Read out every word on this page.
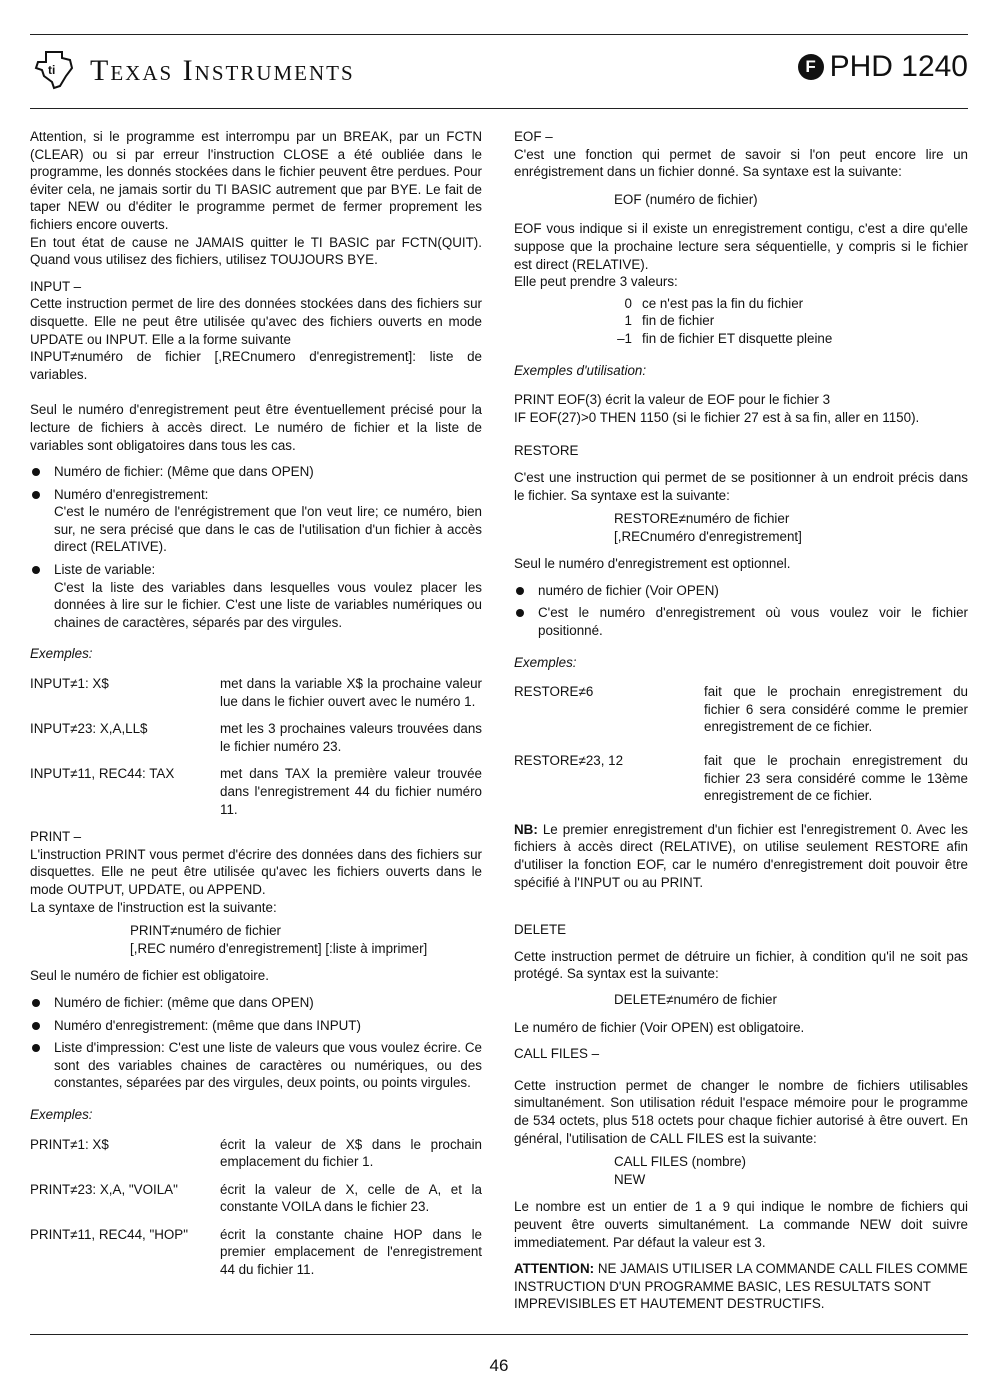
ti Texas Instruments	F PHD 1240

Attention, si le programme est interrompu par un BREAK, par un FCTN (CLEAR) ou si par erreur l'instruction CLOSE a été oubliée dans le programme, les donnés stockées dans le fichier peuvent être perdues. Pour éviter cela, ne jamais sortir du TI BASIC autrement que par BYE. Le fait de taper NEW ou d'éditer le programme permet de fermer proprement les fichiers encore ouverts.

En tout état de cause ne JAMAIS quitter le TI BASIC par FCTN(QUIT). Quand vous utilisez des fichiers, utilisez TOUJOURS BYE.

INPUT –

Cette instruction permet de lire des données stockées dans des fichiers sur disquette. Elle ne peut être utilisée qu'avec des fichiers ouverts en mode UPDATE ou INPUT. Elle a la forme suivante

INPUT≠numéro de fichier [,RECnumero d'enregistrement]: liste de variables.

Seul le numéro d'enregistrement peut être éventuellement précisé pour la lecture de fichiers à accès direct. Le numéro de fichier et la liste de variables sont obligatoires dans tous les cas.

Numéro de fichier: (Même que dans OPEN)
Numéro d'enregistrement:
C'est le numéro de l'enrégistrement que l'on veut lire; ce numéro, bien sur, ne sera précisé que dans le cas de l'utilisation d'un fichier à accès direct (RELATIVE).
Liste de variable:
C'est la liste des variables dans lesquelles vous voulez placer les données à lire sur le fichier. C'est une liste de variables numériques ou chaines de caractères, séparés par des virgules.
Exemples:
INPUT≠1: X$	met dans la variable X$ la prochaine valeur lue dans le fichier ouvert avec le numéro 1.
INPUT≠23: X,A,LL$	met les 3 prochaines valeurs trouvées dans le fichier numéro 23.
INPUT≠11, REC44: TAX	met dans TAX la première valeur trouvée dans l'enregistrement 44 du fichier numéro 11.

PRINT –

L'instruction PRINT vous permet d'écrire des données dans des fichiers sur disquettes. Elle ne peut être utilisée qu'avec les fichiers ouverts dans le mode OUTPUT, UPDATE, ou APPEND.

La syntaxe de l'instruction est la suivante:

PRINT≠numéro de fichier
[,REC numéro d'enregistrement] [:liste à imprimer]

Seul le numéro de fichier est obligatoire.

Numéro de fichier: (même que dans OPEN)
Numéro d'enregistrement: (même que dans INPUT)
Liste d'impression: C'est une liste de valeurs que vous voulez écrire. Ce sont des variables chaines de caractères ou numériques, ou des constantes, séparées par des virgules, deux points, ou points virgules.
Exemples:
PRINT≠1: X$	écrit la valeur de X$ dans le prochain emplacement du fichier 1.
PRINT≠23: X,A, "VOILA"	écrit la valeur de X, celle de A, et la constante VOILA dans le fichier 23.
PRINT≠11, REC44, "HOP"	écrit la constante chaine HOP dans le premier emplacement de l'enregistrement 44 du fichier 11.

EOF –

C'est une fonction qui permet de savoir si l'on peut encore lire un enrégistrement dans un fichier donné. Sa syntaxe est la suivante:

EOF (numéro de fichier)

EOF vous indique si il existe un enregistrement contigu, c'est a dire qu'elle suppose que la prochaine lecture sera séquentielle, y compris si le fichier est direct (RELATIVE).

Elle peut prendre 3 valeurs:

0 ce n'est pas la fin du fichier
1 fin de fichier
–1 fin de fichier ET disquette pleine
Exemples d'utilisation:

PRINT EOF(3) écrit la valeur de EOF pour le fichier 3

IF EOF(27)>0 THEN 1150 (si le fichier 27 est à sa fin, aller en 1150).

RESTORE

C'est une instruction qui permet de se positionner à un endroit précis dans le fichier. Sa syntaxe est la suivante:

RESTORE≠numéro de fichier
[,RECnuméro d'enregistrement]

Seul le numéro d'enregistrement est optionnel.

numéro de fichier (Voir OPEN)
C'est le numéro d'enregistrement où vous voulez voir le fichier positionné.
Exemples:
RESTORE≠6	fait que le prochain enregistrement du fichier 6 sera considéré comme le premier enregistrement de ce fichier.
RESTORE≠23, 12	fait que le prochain enregistrement du fichier 23 sera considéré comme le 13ème enregistrement de ce fichier.

NB: Le premier enregistrement d'un fichier est l'enregistrement 0. Avec les fichiers à accès direct (RELATIVE), on utilise seulement RESTORE afin d'utiliser la fonction EOF, car le numéro d'enregistrement doit pouvoir être spécifié à l'INPUT ou au PRINT.

DELETE

Cette instruction permet de détruire un fichier, à condition qu'il ne soit pas protégé. Sa syntax est la suivante:

DELETE≠numéro de fichier

Le numéro de fichier (Voir OPEN) est obligatoire.

CALL FILES –

Cette instruction permet de changer le nombre de fichiers utilisables simultanément. Son utilisation réduit l'espace mémoire pour le programme de 534 octets, plus 518 octets pour chaque fichier autorisé à être ouvert. En général, l'utilisation de CALL FILES est la suivante:

CALL FILES (nombre)
NEW

Le nombre est un entier de 1 a 9 qui indique le nombre de fichiers qui peuvent être ouverts simultanément. La commande NEW doit suivre immediatement. Par défaut la valeur est 3.

ATTENTION: NE JAMAIS UTILISER LA COMMANDE CALL FILES COMME INSTRUCTION D'UN PROGRAMME BASIC, LES RESULTATS SONT IMPREVISIBLES ET HAUTEMENT DESTRUCTIFS.

46
